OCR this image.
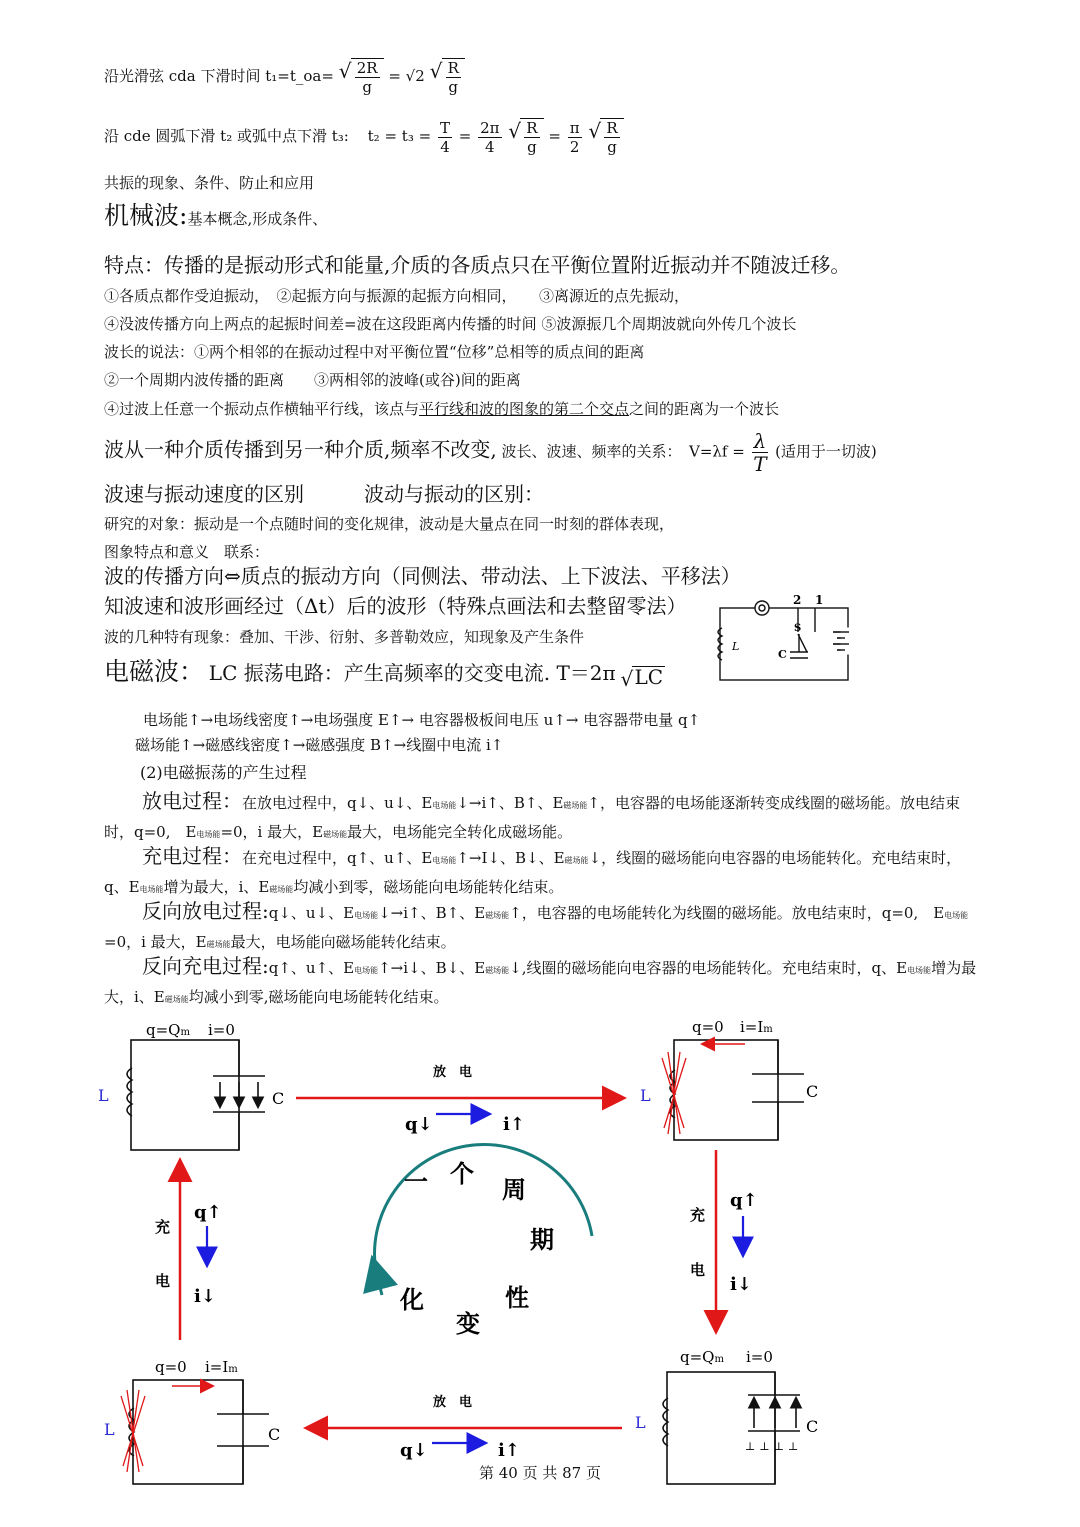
沿光滑弦 cda 下滑时间 t₁=t_oa= √ $\frac{2R}{g} = √2$ √ $\frac{R}{g}$
沿 cde 圆弧下滑 t₂ 或弧中点下滑 t₃: $t_2 = t_3 = \frac{T}{4} = \frac{2\pi}{4}$
√ $\frac{R}{g} = \frac{\pi}{2}$
√ $\frac{R}{g}$
共振的现象、条件、防止和应用
机械波:基本概念,形成条件、
特点：传播的是振动形式和能量,介质的各质点只在平衡位置附近振动并不随波迁移。
①各质点都作受迫振动，　②起振方向与振源的起振方向相同，　　③离源近的点先振动，
④没波传播方向上两点的起振时间差=波在这段距离内传播的时间 ⑤波源振几个周期波就向外传几个波长
波长的说法：①两个相邻的在振动过程中对平衡位置“位移”总相等的质点间的距离
②一个周期内波传播的距离　　③两相邻的波峰(或谷)间的距离
④过波上任意一个振动点作横轴平行线，该点与平行线和波的图象的第二个交点之间的距离为一个波长
波从一种介质传播到另一种介质,频率不改变, 波长、波速、频率的关系：　$V=\lambda f = \frac{\lambda}{T}$ (适用于一切波)
波速与振动速度的区别　　　波动与振动的区别：
研究的对象：振动是一个点随时间的变化规律，波动是大量点在同一时刻的群体表现，
图象特点和意义　联系：
波的传播方向⇔质点的振动方向（同侧法、带动法、上下波法、平移法）
知波速和波形画经过（Δt）后的波形（特殊点画法和去整留零法）
波的几种特有现象：叠加、干涉、衍射、多普勒效应，知现象及产生条件
电磁波： LC 振荡电路：产生高频率的交变电流. T＝2π √ LC
2 1
S
C
L
电场能↑→电场线密度↑→电场强度 E↑→ 电容器极板间电压 u↑→ 电容器带电量 q↑
磁场能↑→磁感线密度↑→磁感强度 B↑→线圈中电流 i↑
(2)电磁振荡的产生过程
放电过程：在放电过程中，q↓、u↓、E电场能↓→i↑、B↑、E磁场能↑，电容器的电场能逐渐转变成线圈的磁场能。放电结束时，q=0,　E电场能=0，i 最大，E磁场能最大，电场能完全转化成磁场能。
充电过程：在充电过程中，q↑、u↑、E电场能↑→I↓、B↓、E磁场能↓，线圈的磁场能向电容器的电场能转化。充电结束时，q、E电场能增为最大，i、E磁场能均减小到零，磁场能向电场能转化结束。
反向放电过程:q↓、u↓、E电场能↓→i↑、B↑、E磁场能↑，电容器的电场能转化为线圈的磁场能。放电结束时，q=0,　E电场能=0，i 最大，E磁场能最大，电场能向磁场能转化结束。
反向充电过程:q↑、u↑、E电场能↑→i↓、B↓、E磁场能↓,线圈的磁场能向电容器的电场能转化。充电结束时，q、E电场能增为最大，i、E磁场能均减小到零,磁场能向电场能转化结束。
q=Qm i=0
L	C
q=0 i=Im
L	C
q=0 i=Im
L	C
q=Qm i=0
L	C
⊥⊥⊥⊥
放　电
q↓	i↑
充
电
q↑
i↓
放　电
q↓	i↑
充
电
q↑
i↓
一 个
周
期
性
变
化
第 40 页 共 87 页
